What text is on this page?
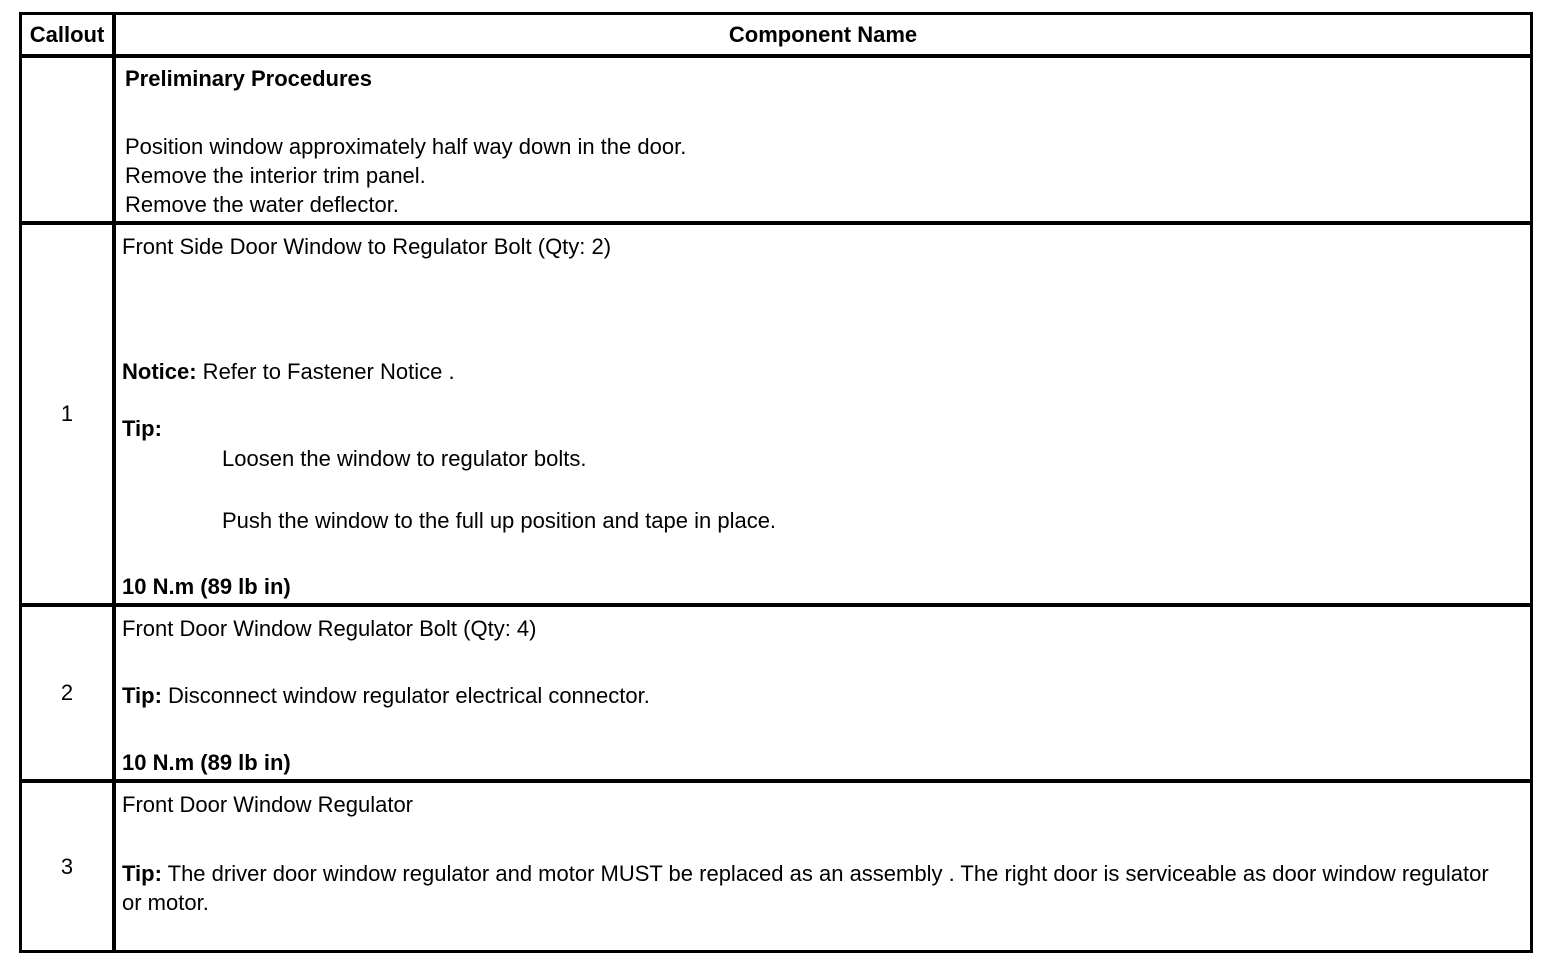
Callout	Component Name
Preliminary Procedures
Position window approximately half way down in the door.
Remove the interior trim panel.
Remove the water deflector.
1
Front Side Door Window to Regulator Bolt (Qty: 2)
Notice: Refer to Fastener Notice .
Tip:
Loosen the window to regulator bolts.
Push the window to the full up position and tape in place.
10 N.m (89 lb in)
2
Front Door Window Regulator Bolt (Qty: 4)
Tip: Disconnect window regulator electrical connector.
10 N.m (89 lb in)
3
Front Door Window Regulator
Tip: The driver door window regulator and motor MUST be replaced as an assembly . The right door is serviceable as door window regulator or motor.
